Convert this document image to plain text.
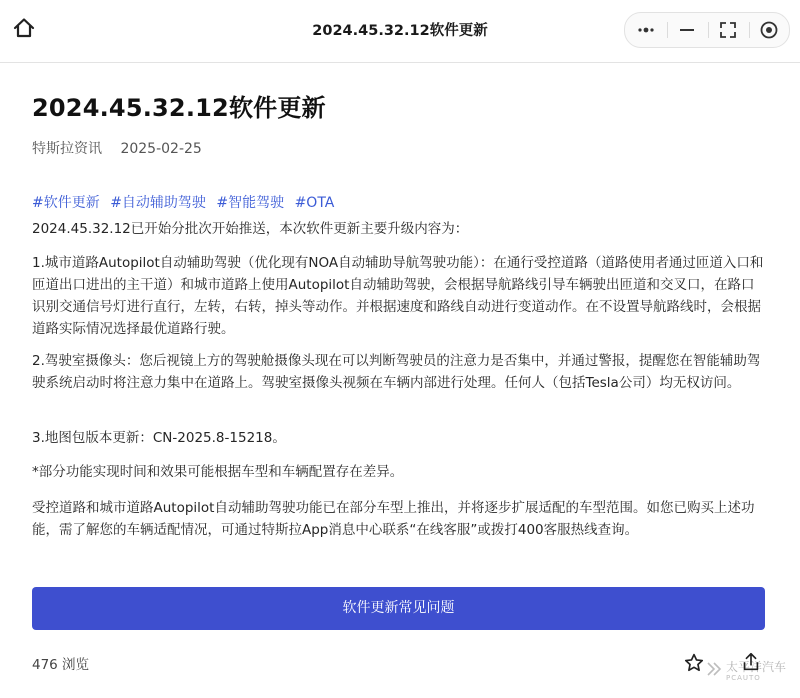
2024.45.32.12软件更新
2024.45.32.12软件更新
特斯拉资讯 2025-02-25
#软件更新 #自动辅助驾驶 #智能驾驶 #OTA

2024.45.32.12已开始分批次开始推送，本次软件更新主要升级内容为：

1.城市道路Autopilot自动辅助驾驶（优化现有NOA自动辅助导航驾驶功能）：在通行受控道路（道路使用者通过匝道入口和匝道出口进出的主干道）和城市道路上使用Autopilot自动辅助驾驶，会根据导航路线引导车辆驶出匝道和交叉口，在路口识别交通信号灯进行直行，左转，右转，掉头等动作。并根据速度和路线自动进行变道动作。在不设置导航路线时，会根据道路实际情况选择最优道路行驶。

2.驾驶室摄像头：您后视镜上方的驾驶舱摄像头现在可以判断驾驶员的注意力是否集中，并通过警报，提醒您在智能辅助驾驶系统启动时将注意力集中在道路上。驾驶室摄像头视频在车辆内部进行处理。任何人（包括Tesla公司）均无权访问。

3.地图包版本更新：CN-2025.8-15218。

*部分功能实现时间和效果可能根据车型和车辆配置存在差异。

受控道路和城市道路Autopilot自动辅助驾驶功能已在部分车型上推出，并将逐步扩展适配的车型范围。如您已购买上述功能，需了解您的车辆适配情况，可通过特斯拉App消息中心联系“在线客服”或拨打400客服热线查询。

软件更新常见问题
476 浏览	太平洋汽车
PCAUTO
